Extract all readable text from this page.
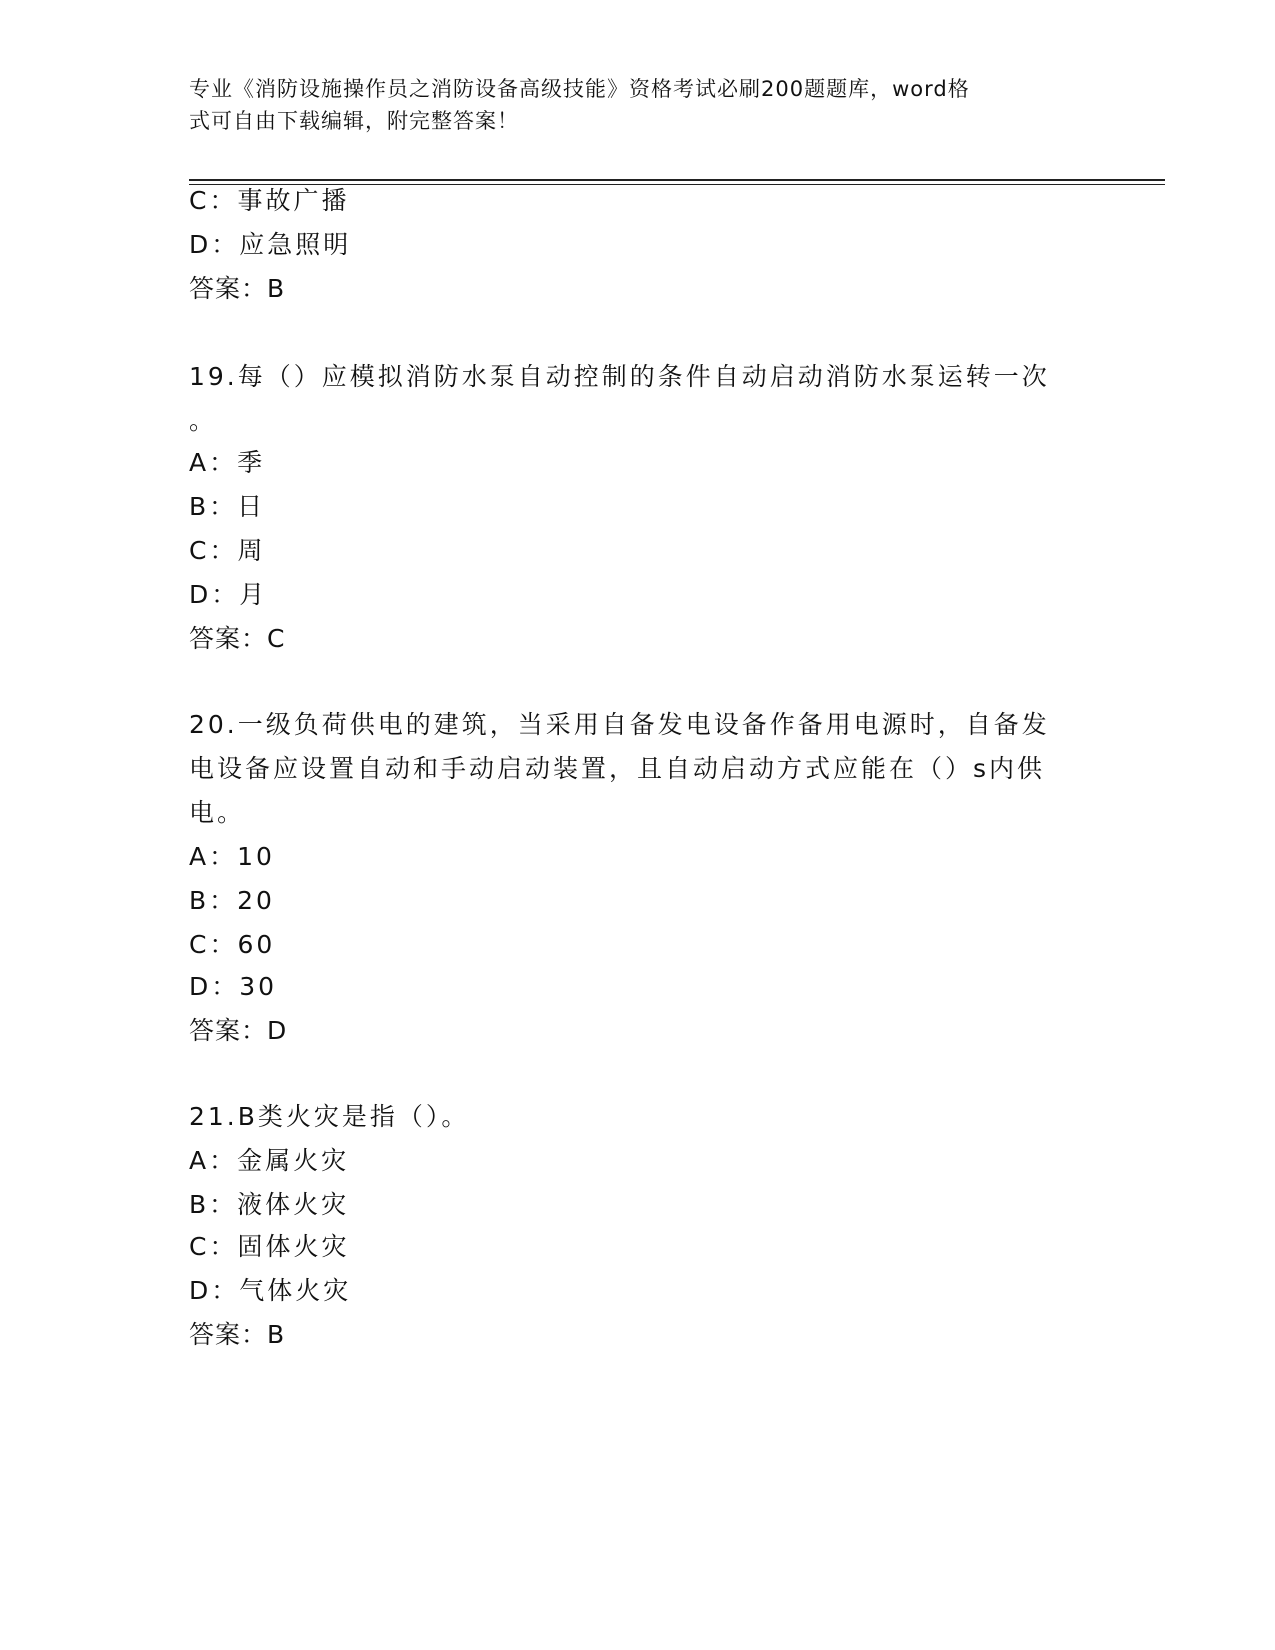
专业《消防设施操作员之消防设备高级技能》资格考试必刷200题题库，word格
式可自由下载编辑，附完整答案！
C：事故广播
D：应急照明
答案：B
19.每（）应模拟消防水泵自动控制的条件自动启动消防水泵运转一次
。
A：季
B：日
C：周
D：月
答案：C
20.一级负荷供电的建筑，当采用自备发电设备作备用电源时，自备发
电设备应设置自动和手动启动装置，且自动启动方式应能在（）s内供
电。
A：10
B：20
C：60
D：30
答案：D
21.B类火灾是指（）。
A：金属火灾
B：液体火灾
C：固体火灾
D：气体火灾
答案：B
